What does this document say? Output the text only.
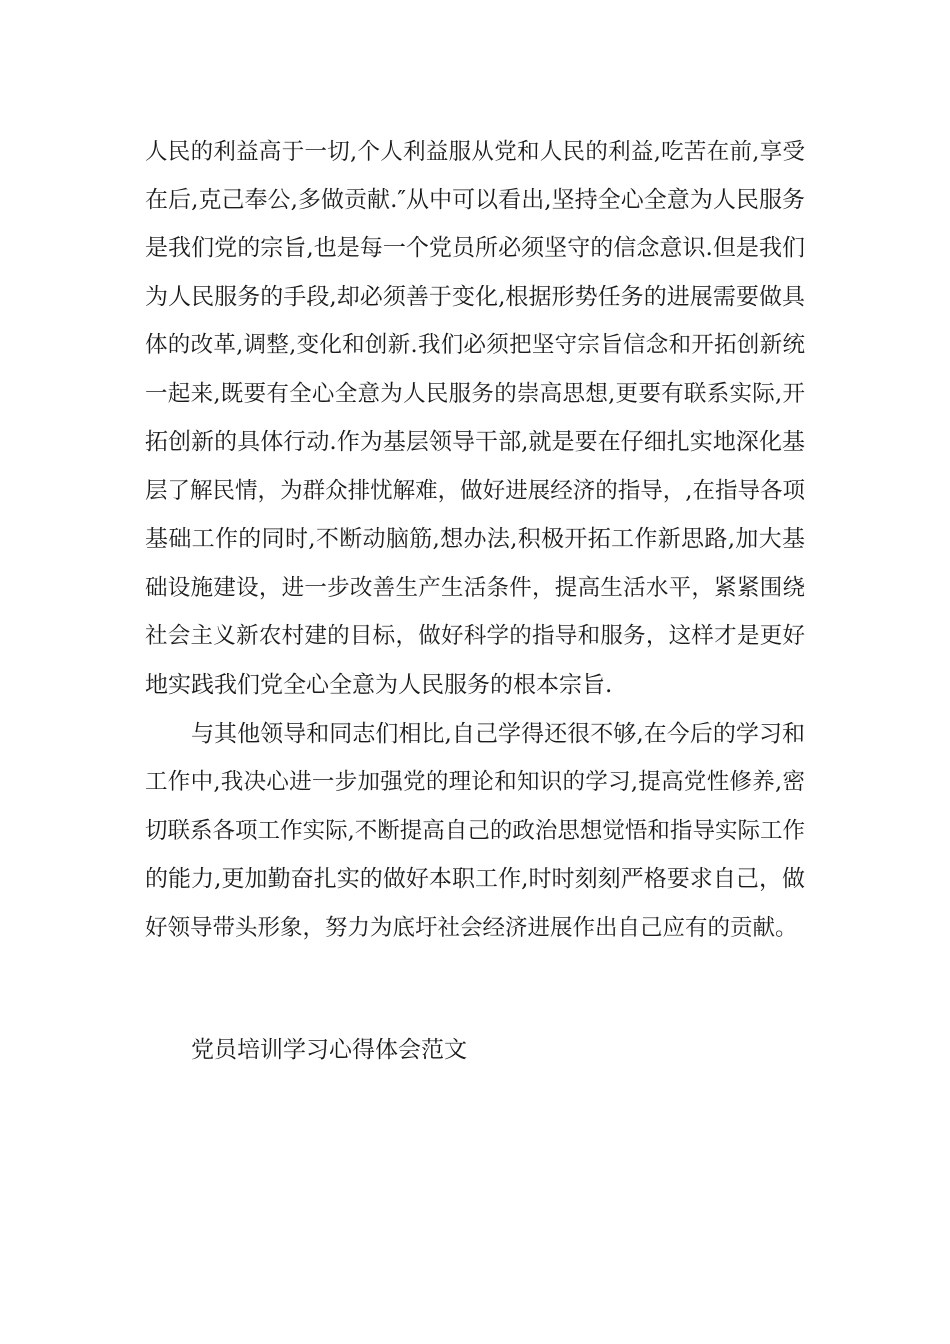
人民的利益高于一切,个人利益服从党和人民的利益,吃苦在前,享受
在后,克己奉公,多做贡献.″从中可以看出,坚持全心全意为人民服务
是我们党的宗旨,也是每一个党员所必须坚守的信念意识.但是我们
为人民服务的手段,却必须善于变化,根据形势任务的进展需要做具
体的改革,调整,变化和创新.我们必须把坚守宗旨信念和开拓创新统
一起来,既要有全心全意为人民服务的崇高思想,更要有联系实际,开
拓创新的具体行动.作为基层领导干部,就是要在仔细扎实地深化基
层了解民情，为群众排忧解难，做好进展经济的指导，,在指导各项
基础工作的同时,不断动脑筋,想办法,积极开拓工作新思路,加大基
础设施建设，进一步改善生产生活条件，提高生活水平，紧紧围绕
社会主义新农村建的目标，做好科学的指导和服务，这样才是更好
地实践我们党全心全意为人民服务的根本宗旨.
与其他领导和同志们相比,自己学得还很不够,在今后的学习和
工作中,我决心进一步加强党的理论和知识的学习,提高党性修养,密
切联系各项工作实际,不断提高自己的政治思想觉悟和指导实际工作
的能力,更加勤奋扎实的做好本职工作,时时刻刻严格要求自己，做
好领导带头形象，努力为底圩社会经济进展作出自己应有的贡献。
党员培训学习心得体会范文
